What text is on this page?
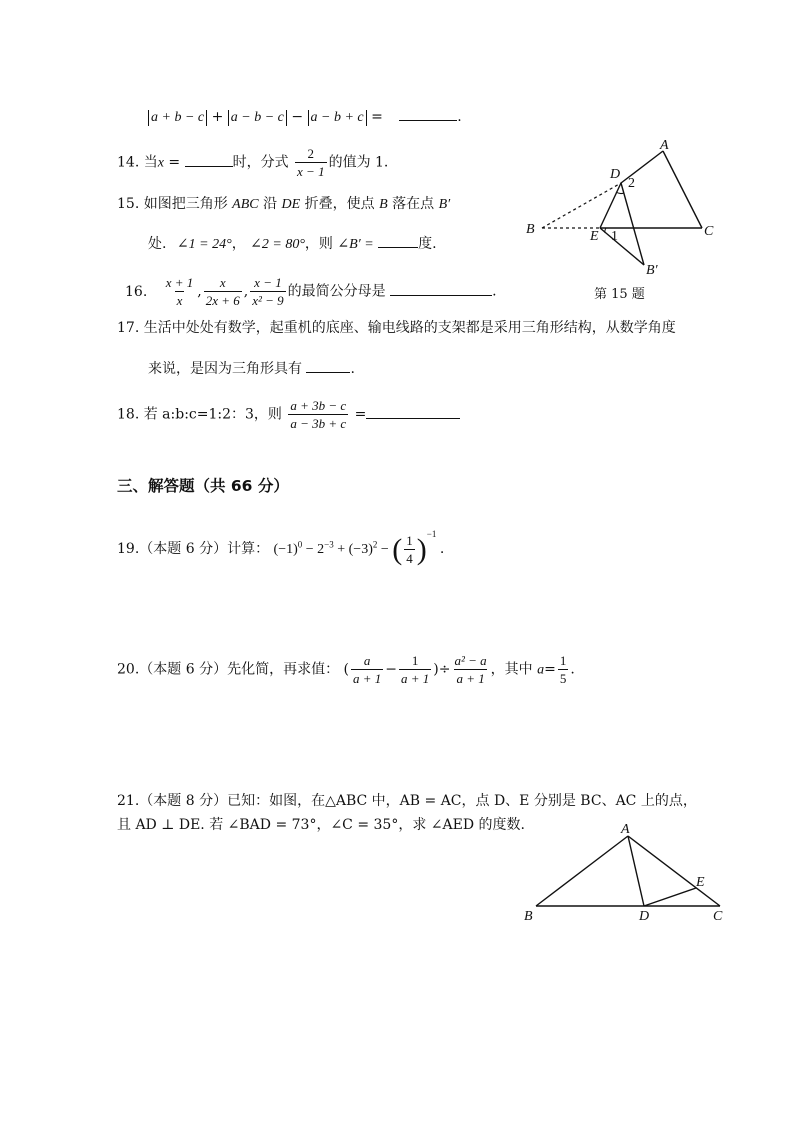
a + b − c + a − b − c − a − b + c =	.
14. 当x =	时，分式 $\frac{2}{x - 1}$ 的值为 1.
15. 如图把三角形 ABC 沿 DE 折叠，使点 B 落在点 B′
处. ∠1 = 24°， ∠2 = 80°，则 ∠B′ =	度.
16. $\frac{x + 1}{x}$ , $\frac{x}{2x + 6}$ , $\frac{x - 1}{\text{x² − 9}}$ 的最简公分母是	.
A
B	C
D
E
B′
1
2
第 15 题
17. 生活中处处有数学，起重机的底座、输电线路的支架都是采用三角形结构，从数学角度
来说，是因为三角形具有	.
18. 若 a:b:c=1:2：3，则 $\frac{a + 3b - c}{a - 3b + c}$ =
三、解答题（共 66 分）
19.（本题 6 分）计算： $(-1)^0 - 2^{-3} + (-3)^2$ − ( $\frac{1}{4} )^{-1}$ .
20.（本题 6 分）先化简，再求值： ( $\frac{a}{a + 1} - \frac{1}{a + 1}$ )÷ $\frac{\text{a² − a}}{a + 1}$ ，其中 $a= \frac{1}{5}$ .
21.（本题 8 分）已知：如图，在△ABC 中，AB = AC，点 D、E 分别是 BC、AC 上的点，
且 AD ⊥ DE. 若 ∠BAD = 73°，∠C = 35°，求 ∠AED 的度数.	A
B	C
D
E
